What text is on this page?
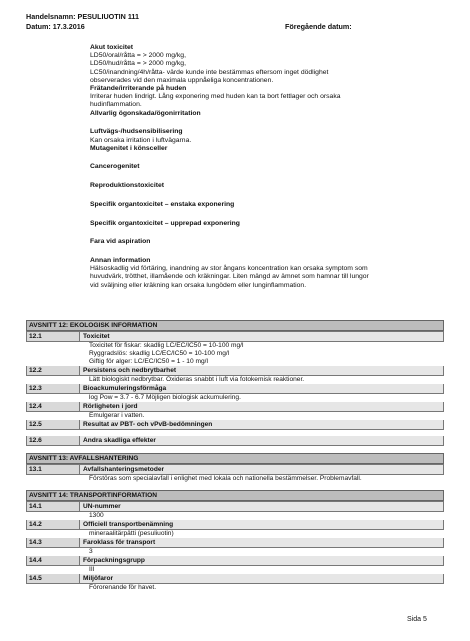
Handelsnamn: PESULIUOTIN 111
Datum: 17.3.2016	Föregående datum:

Akut toxicitet

LD50/oral/råtta = > 2000 mg/kg,

LD50/hud/råtta = > 2000 mg/kg,

LC50/inandning/4h/råtta- värde kunde inte bestämmas eftersom inget dödlighet

observerades vid den maximala uppnåeliga koncentrationen.

Frätande/irriterande på huden

Irriterar huden lindrigt. Lång exponering med huden kan ta bort fettlager och orsaka

hudinflammation.

Allvarlig ögonskada/ögonirritation

Luftvägs-/hudsensibilisering

Kan orsaka irritation i luftvägarna.

Mutagenitet i könsceller

Cancerogenitet

Reproduktionstoxicitet

Specifik organtoxicitet – enstaka exponering

Specifik organtoxicitet – upprepad exponering

Fara vid aspiration

Annan information

Hälsoskadlig vid förtäring, inandning av stor ångans koncentration kan orsaka symptom som

huvudvärk, trötthet, illamående och kräkningar. Liten mängd av ämnet som hamnar till lungor

vid sväljning eller kräkning kan orsaka lungödem eller lunginflammation.

AVSNITT 12: EKOLOGISK INFORMATION
12.1	Toxicitet
Toxicitet för fiskar: skadlig LC/EC/IC50 = 10-100 mg/l
Ryggradslös: skadlig LC/EC/IC50 = 10-100 mg/l
Giftig för alger: LC/EC/IC50 = 1 - 10 mg/l
12.2	Persistens och nedbrytbarhet
Lätt biologiskt nedbrytbar. Oxideras snabbt i luft via fotokemisk reaktioner.
12.3	Bioackumuleringsförmåga
log Pow = 3.7 - 6.7 Möjligen biologisk ackumulering.
12.4	Rörligheten i jord
Emulgerar i vatten.
12.5	Resultat av PBT- och vPvB-bedömningen
12.6	Andra skadliga effekter
AVSNITT 13: AVFALLSHANTERING
13.1	Avfallshanteringsmetoder
Förstöras som specialavfall i enlighet med lokala och nationella bestämmelser. Problemavfall.
AVSNITT 14: TRANSPORTINFORMATION
14.1	UN-nummer
1300
14.2	Officiell transportbenämning
mineraalitärpätti (pesuliuotin)
14.3	Faroklass för transport
3
14.4	Förpackningsgrupp
III
14.5	Miljöfaror
Förorenande för havet.
Sida 5
